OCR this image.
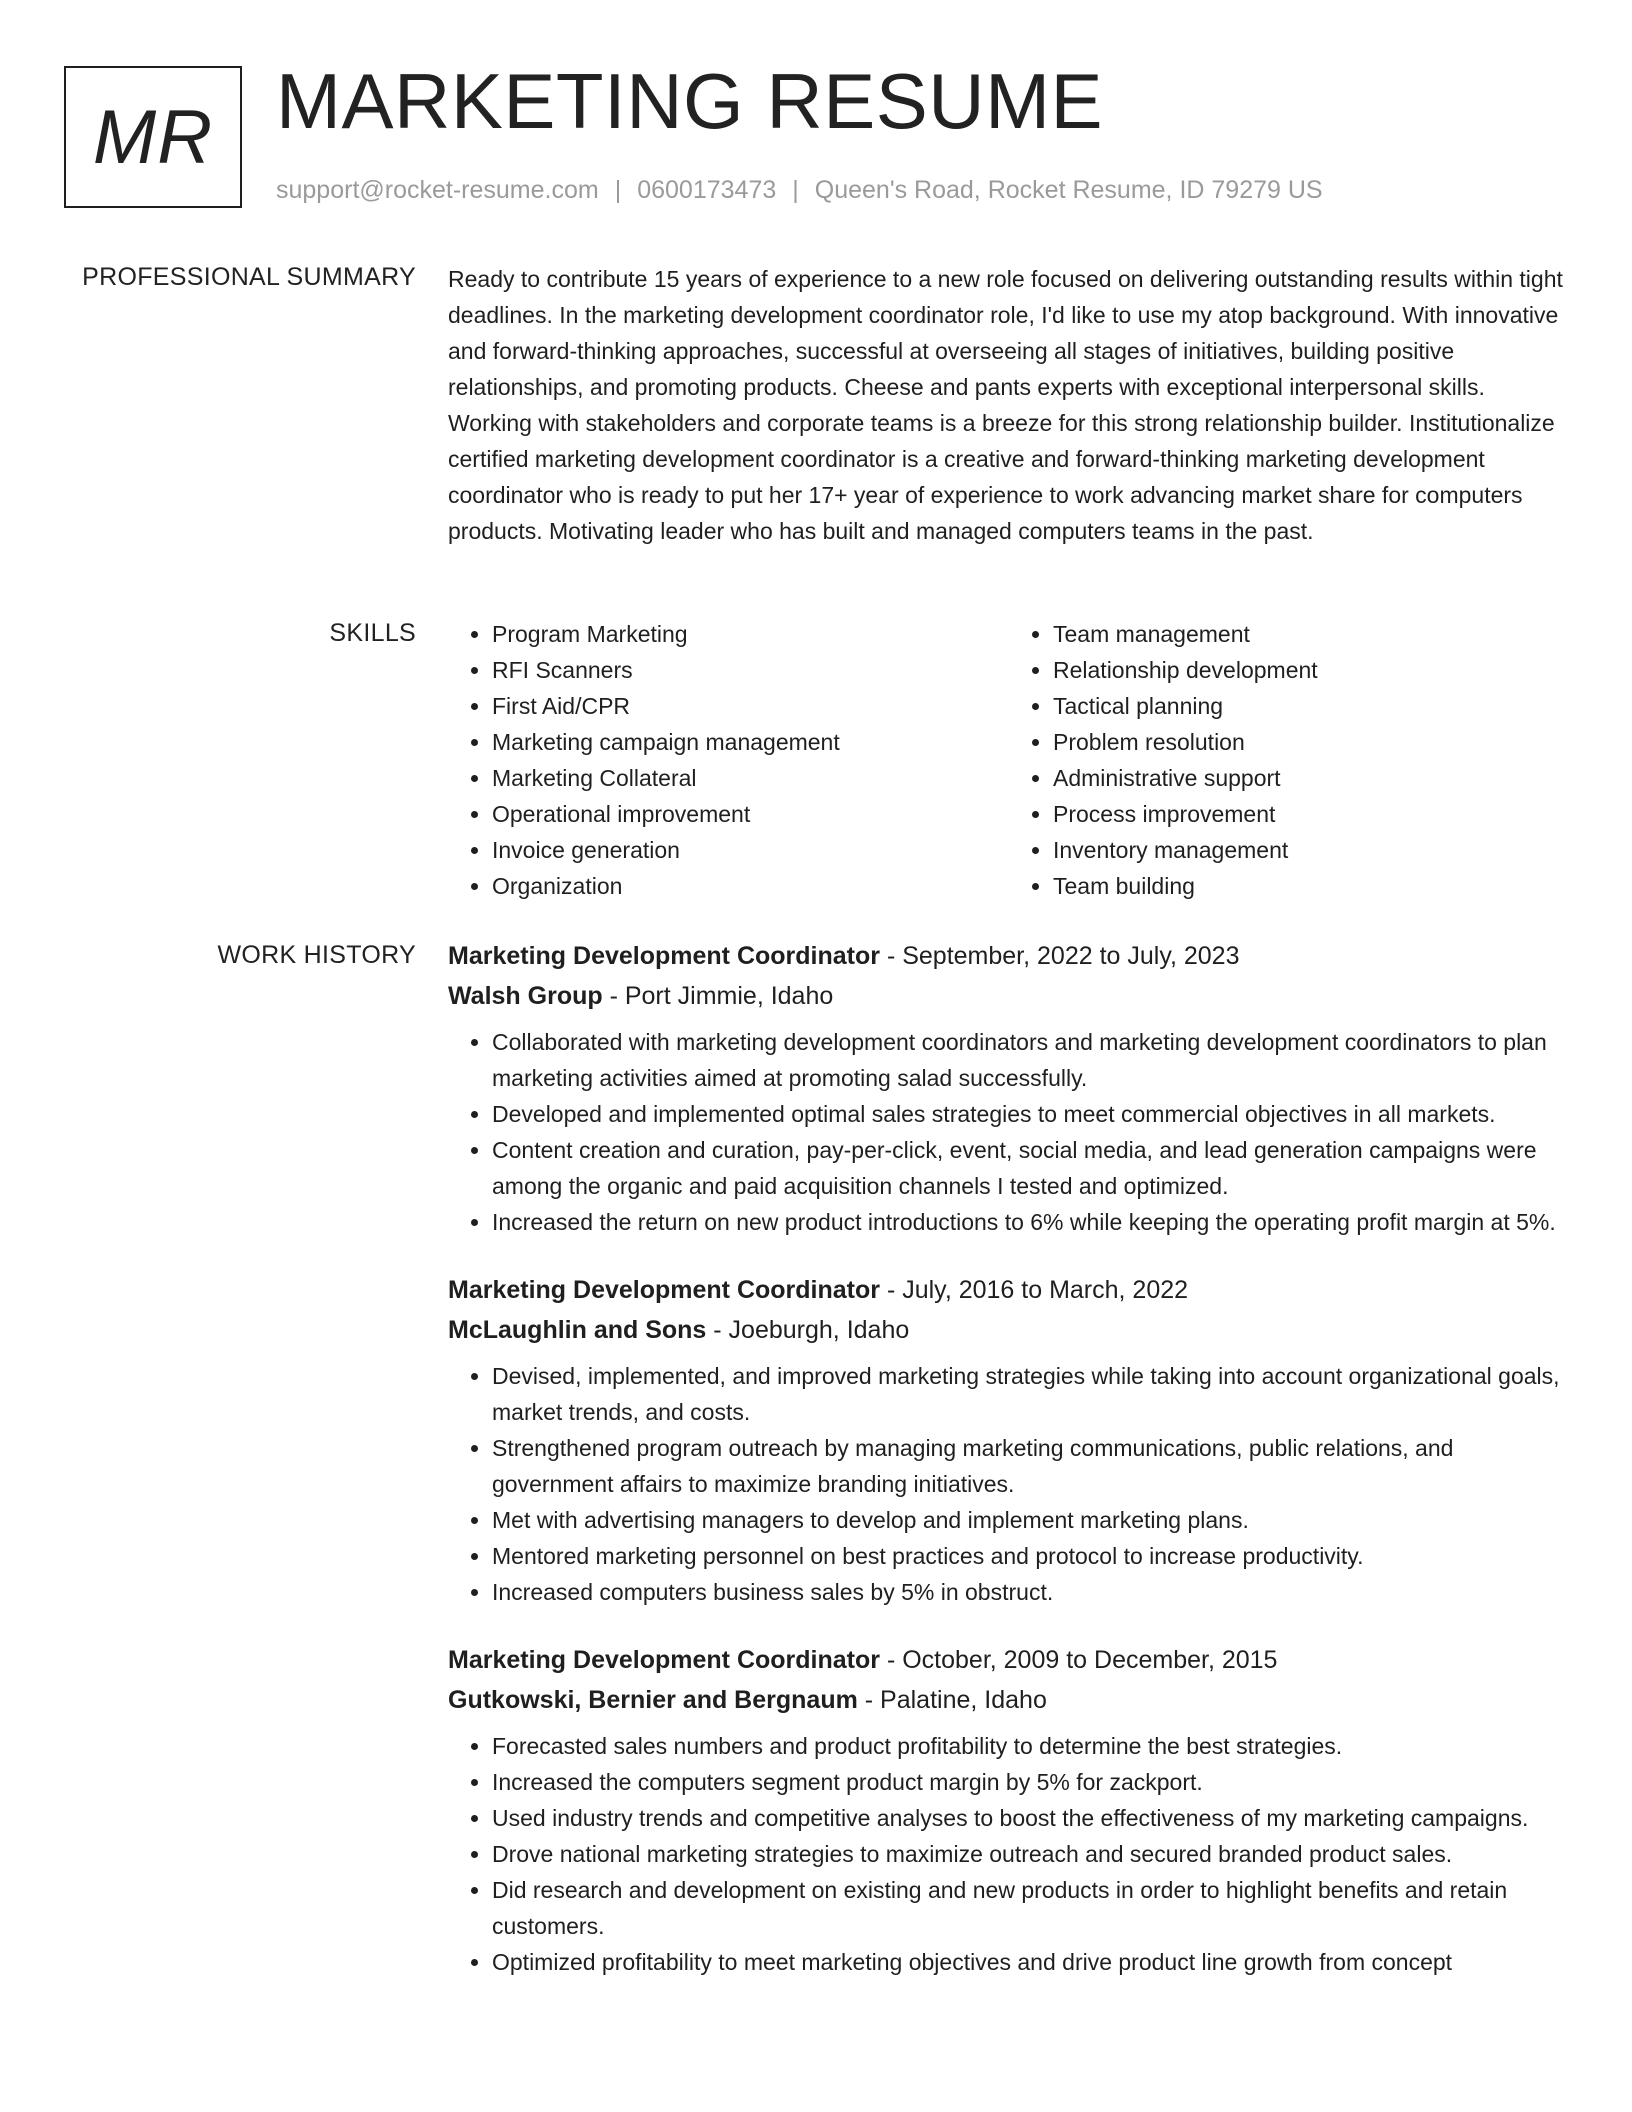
MR MARKETING RESUME
support@rocket-resume.com | 0600173473 | Queen's Road, Rocket Resume, ID 79279 US
PROFESSIONAL SUMMARY Ready to contribute 15 years of experience to a new role focused on delivering outstanding results within tight deadlines. In the marketing development coordinator role, I'd like to use my atop background. With innovative and forward-thinking approaches, successful at overseeing all stages of initiatives, building positive relationships, and promoting products. Cheese and pants experts with exceptional interpersonal skills. Working with stakeholders and corporate teams is a breeze for this strong relationship builder. Institutionalize certified marketing development coordinator is a creative and forward-thinking marketing development coordinator who is ready to put her 17+ year of experience to work advancing market share for computers products. Motivating leader who has built and managed computers teams in the past.

SKILLS
•	Program Marketing
• RFI Scanners
• First Aid/CPR
• Marketing campaign management
• Marketing Collateral
• Operational improvement
• Invoice generation
• Organization
• Team management
• Relationship development
• Tactical planning
• Problem resolution
• Administrative support
• Process improvement
• Inventory management
• Team building
WORK HISTORY Marketing Development Coordinator - September, 2022 to July, 2023
Walsh Group - Port Jimmie, Idaho
• Collaborated with marketing development coordinators and marketing development coordinators to plan marketing activities aimed at promoting salad successfully.
• Developed and implemented optimal sales strategies to meet commercial objectives in all markets.
• Content creation and curation, pay-per-click, event, social media, and lead generation campaigns were among the organic and paid acquisition channels I tested and optimized.
• Increased the return on new product introductions to 6% while keeping the operating profit margin at 5%.
Marketing Development Coordinator - July, 2016 to March, 2022
McLaughlin and Sons - Joeburgh, Idaho
• Devised, implemented, and improved marketing strategies while taking into account organizational goals, market trends, and costs.
• Strengthened program outreach by managing marketing communications, public relations, and government affairs to maximize branding initiatives.
• Met with advertising managers to develop and implement marketing plans.
• Mentored marketing personnel on best practices and protocol to increase productivity.
• Increased computers business sales by 5% in obstruct.
Marketing Development Coordinator - October, 2009 to December, 2015
Gutkowski, Bernier and Bergnaum - Palatine, Idaho
• Forecasted sales numbers and product profitability to determine the best strategies.
• Increased the computers segment product margin by 5% for zackport.
• Used industry trends and competitive analyses to boost the effectiveness of my marketing campaigns.
• Drove national marketing strategies to maximize outreach and secured branded product sales.
• Did research and development on existing and new products in order to highlight benefits and retain customers.
• Optimized profitability to meet marketing objectives and drive product line growth from concept
